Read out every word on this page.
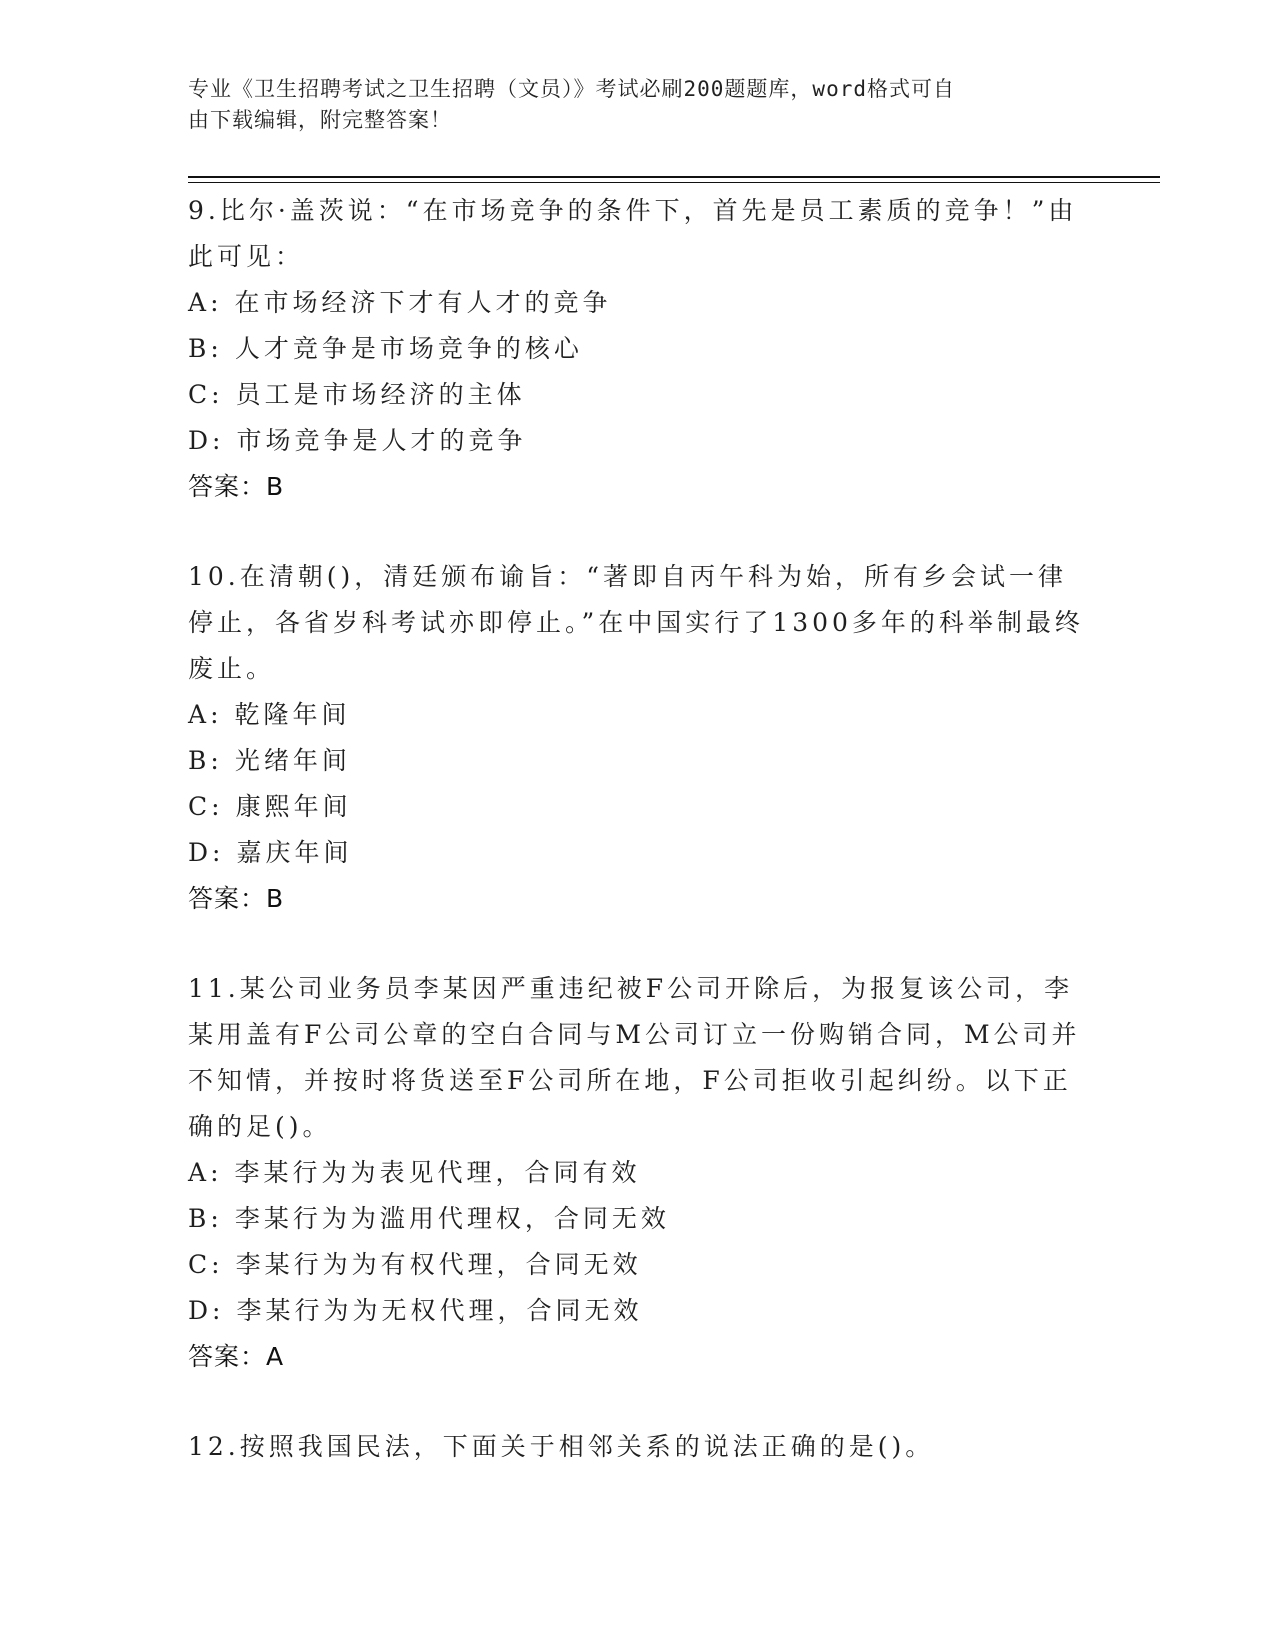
专业《卫生招聘考试之卫生招聘（文员）》考试必刷200题题库，word格式可自
由下载编辑，附完整答案！

9.比尔·盖茨说：“在市场竞争的条件下，首先是员工素质的竞争！”由此可见：

A: 在市场经济下才有人才的竞争

B: 人才竞争是市场竞争的核心

C: 员工是市场经济的主体

D: 市场竞争是人才的竞争

答案：B

10.在清朝()，清廷颁布谕旨：“著即自丙午科为始，所有乡会试一律停止，各省岁科考试亦即停止。”在中国实行了1300多年的科举制最终废止。

A: 乾隆年间

B: 光绪年间

C: 康熙年间

D: 嘉庆年间

答案：B

11.某公司业务员李某因严重违纪被F公司开除后，为报复该公司，李某用盖有F公司公章的空白合同与M公司订立一份购销合同，M公司并不知情，并按时将货送至F公司所在地，F公司拒收引起纠纷。以下正确的足()。

A: 李某行为为表见代理，合同有效

B: 李某行为为滥用代理权，合同无效

C: 李某行为为有权代理，合同无效

D: 李某行为为无权代理，合同无效

答案：A

12.按照我国民法，下面关于相邻关系的说法正确的是()。
